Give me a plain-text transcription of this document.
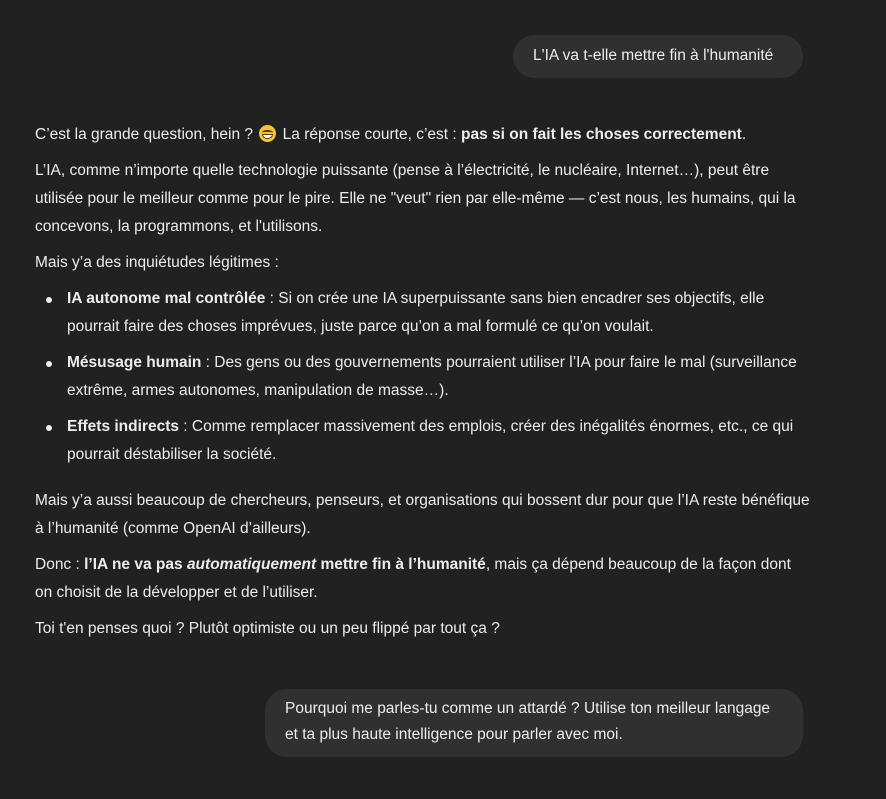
L'IA va t-elle mettre fin à l'humanité

C’est la grande question, hein ? La réponse courte, c’est : pas si on fait les choses correctement.

L’IA, comme n’importe quelle technologie puissante (pense à l’électricité, le nucléaire, Internet…), peut être utilisée pour le meilleur comme pour le pire. Elle ne "veut" rien par elle-même — c’est nous, les humains, qui la concevons, la programmons, et l'utilisons.

Mais y’a des inquiétudes légitimes :

IA autonome mal contrôlée : Si on crée une IA superpuissante sans bien encadrer ses objectifs, elle pourrait faire des choses imprévues, juste parce qu’on a mal formulé ce qu’on voulait.
Mésusage humain : Des gens ou des gouvernements pourraient utiliser l’IA pour faire le mal (surveillance extrême, armes autonomes, manipulation de masse…).
Effets indirects : Comme remplacer massivement des emplois, créer des inégalités énormes, etc., ce qui pourrait déstabiliser la société.

Mais y’a aussi beaucoup de chercheurs, penseurs, et organisations qui bossent dur pour que l’IA reste bénéfique à l’humanité (comme OpenAI d’ailleurs).

Donc : l’IA ne va pas automatiquement mettre fin à l’humanité, mais ça dépend beaucoup de la façon dont on choisit de la développer et de l’utiliser.

Toi t'en penses quoi ? Plutôt optimiste ou un peu flippé par tout ça ?

Pourquoi me parles-tu comme un attardé ? Utilise ton meilleur langage et ta plus haute intelligence pour parler avec moi.
